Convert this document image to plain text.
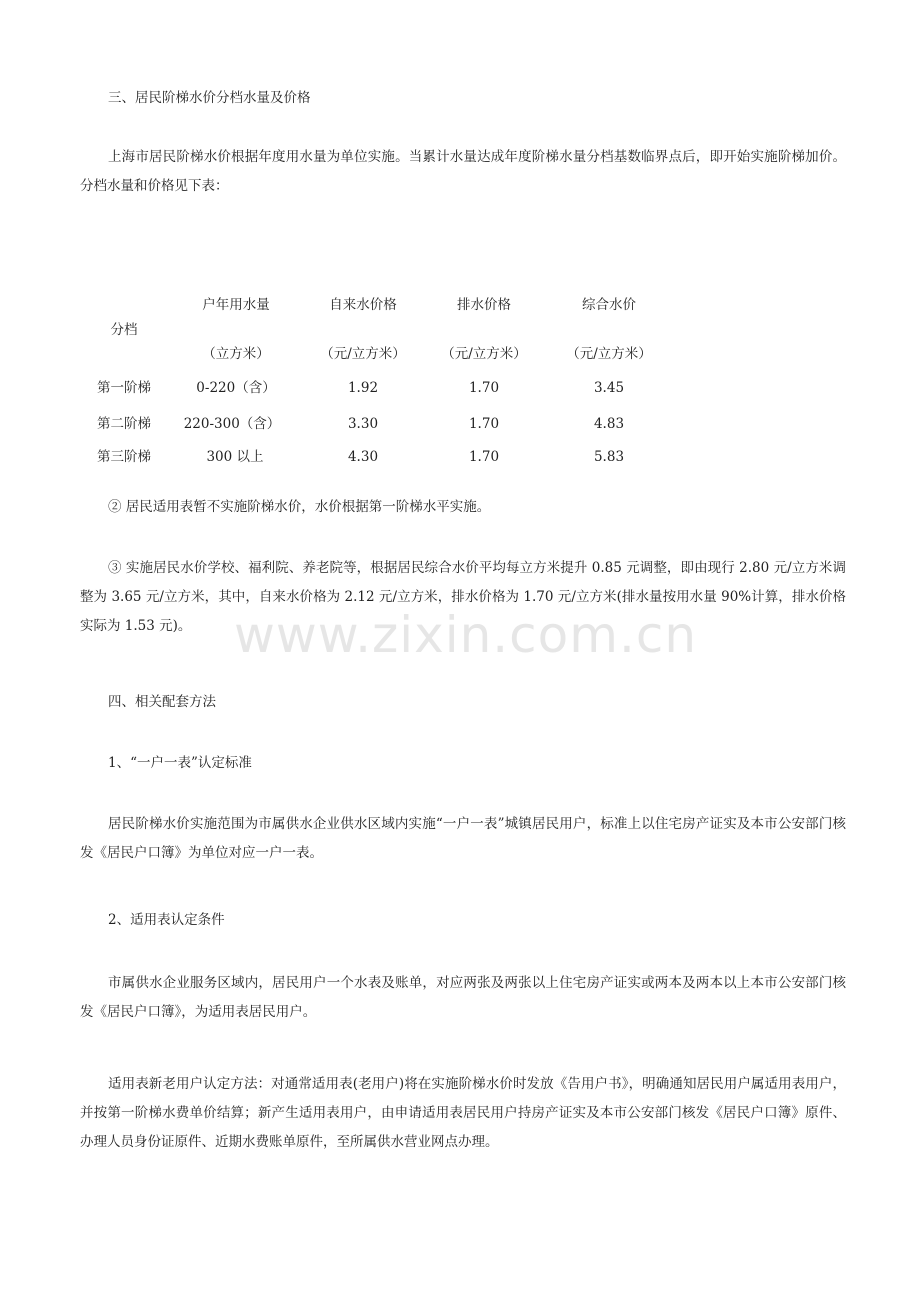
三、居民阶梯水价分档水量及价格
上海市居民阶梯水价根据年度用水量为单位实施。当累计水量达成年度阶梯水量分档基数临界点后，即开始实施阶梯加价。分档水量和价格见下表：
分档
户年用水量	自来水价格	排水价格	综合水价
（立方米）	（元/立方米）	（元/立方米）	（元/立方米）
第一阶梯	0-220（含）	1.92	1.70	3.45
第二阶梯 220-300（含）	3.30	1.70	4.83
第三阶梯	300 以上	4.30	1.70	5.83
② 居民适用表暂不实施阶梯水价，水价根据第一阶梯水平实施。
③ 实施居民水价学校、福利院、养老院等，根据居民综合水价平均每立方米提升 0.85 元调整，即由现行 2.80 元/立方米调整为 3.65 元/立方米，其中，自来水价格为 2.12 元/立方米，排水价格为 1.70 元/立方米(排水量按用水量 90%计算，排水价格实际为 1.53 元)。
四、相关配套方法
1、“一户一表”认定标准
居民阶梯水价实施范围为市属供水企业供水区域内实施“一户一表”城镇居民用户，标准上以住宅房产证实及本市公安部门核发《居民户口簿》为单位对应一户一表。
2、适用表认定条件
市属供水企业服务区域内，居民用户一个水表及账单，对应两张及两张以上住宅房产证实或两本及两本以上本市公安部门核发《居民户口簿》，为适用表居民用户。
适用表新老用户认定方法：对通常适用表(老用户)将在实施阶梯水价时发放《告用户书》，明确通知居民用户属适用表用户，并按第一阶梯水费单价结算；新产生适用表用户，由申请适用表居民用户持房产证实及本市公安部门核发《居民户口簿》原件、办理人员身份证原件、近期水费账单原件，至所属供水营业网点办理。
www.zixin.com.cn
